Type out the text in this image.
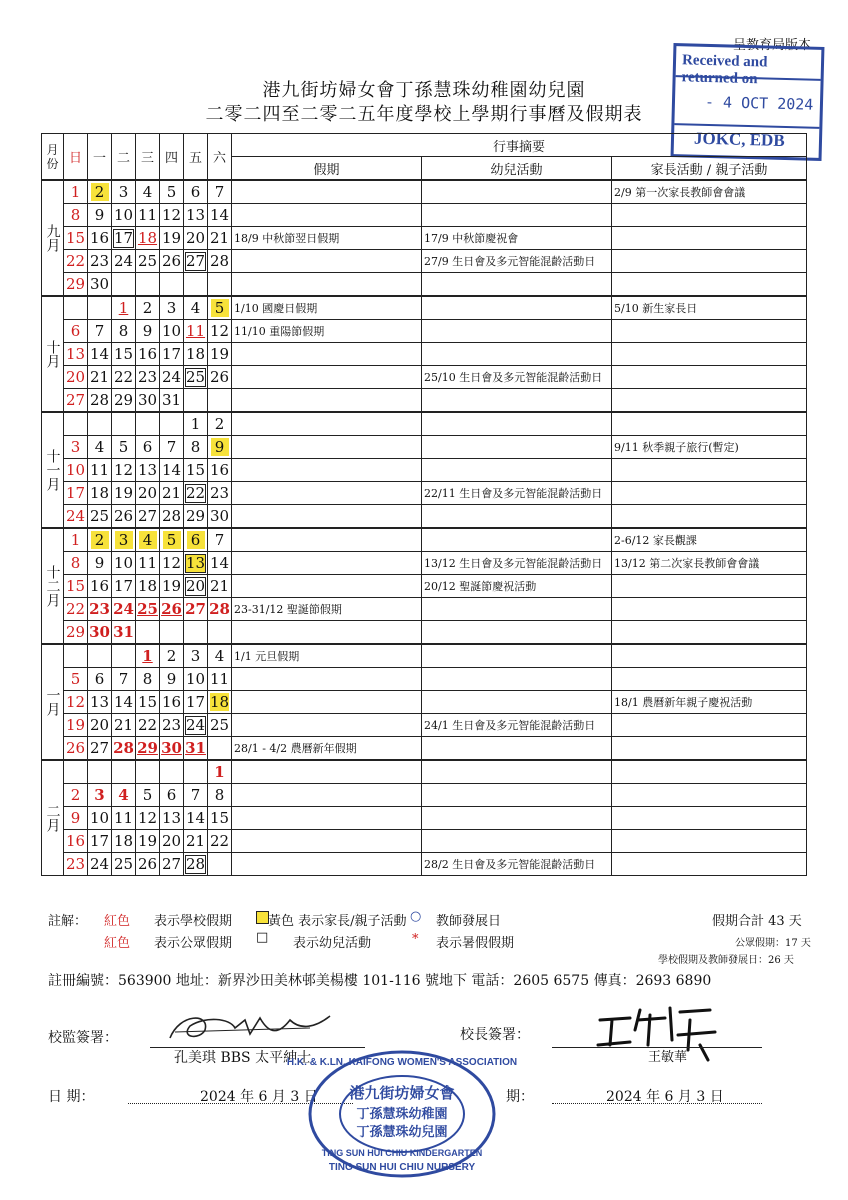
呈教育局版本
港九街坊婦女會丁孫慧珠幼稚園幼兒園
二零二四至二零二五年度學校上學期行事曆及假期表
Received and returned on
- 4 OCT 2024
JOKC, EDB
月份	日	一	二	三	四	五	六	行事摘要		
								假期	幼兒活動	家長活動 / 親子活動
九月	1	2	3	4	5	6	7			2/9 第一次家長教師會會議
	8	9	10	11	12	13	14			
	15	16	17	18	19	20	21	18/9 中秋節翌日假期	17/9 中秋節慶祝會	
	22	23	24	25	26	27	28		27/9 生日會及多元智能混齡活動日	
	29	30								
十月			1	2	3	4	5	1/10 國慶日假期		5/10 新生家長日
	6	7	8	9	10	11	12	11/10 重陽節假期		
	13	14	15	16	17	18	19			
	20	21	22	23	24	25	26		25/10 生日會及多元智能混齡活動日	
	27	28	29	30	31					
十一月						1	2			
	3	4	5	6	7	8	9			9/11 秋季親子旅行(暫定)
	10	11	12	13	14	15	16			
	17	18	19	20	21	22	23		22/11 生日會及多元智能混齡活動日	
	24	25	26	27	28	29	30			
十二月	1	2	3	4	5	6	7			2-6/12 家長觀課
	8	9	10	11	12	13	14		13/12 生日會及多元智能混齡活動日	13/12 第二次家長教師會會議
	15	16	17	18	19	20	21		20/12 聖誕節慶祝活動	
	22	23	24	25	26	27	28	23-31/12 聖誕節假期		
	29	30	31							
一月				1	2	3	4	1/1 元旦假期		
	5	6	7	8	9	10	11			
	12	13	14	15	16	17	18			18/1 農曆新年親子慶祝活動
	19	20	21	22	23	24	25		24/1 生日會及多元智能混齡活動日	
	26	27	28	29	30	31		28/1 - 4/2 農曆新年假期		
二月							1			
	2	3	4	5	6	7	8			
	9	10	11	12	13	14	15			
	16	17	18	19	20	21	22			
	23	24	25	26	27	28			28/2 生日會及多元智能混齡活動日	
註解： 紅色 表示學校假期	黃色 表示家長/親子活動 ○ 教師發展日
紅色 表示公眾假期 □ 表示幼兒活動	* 表示暑假假期
假期合計 43 天
公眾假期：17 天
學校假期及教師發展日：26 天
註冊編號：563900 地址：新界沙田美林邨美楊樓 101-116 號地下 電話：2605 6575 傳真：2693 6890
校監簽署：
孔美琪 BBS 太平紳士
校長簽署：
王敏華
日 期：	2024 年 6 月 3 日	期：	2024 年 6 月 3 日
H.K. & K.LN. KAIFONG WOMEN'S ASSOCIATION
港九街坊婦女會
丁孫慧珠幼稚園
丁孫慧珠幼兒園
TING SUN HUI CHIU KINDERGARTEN
TING SUN HUI CHIU NURSERY
